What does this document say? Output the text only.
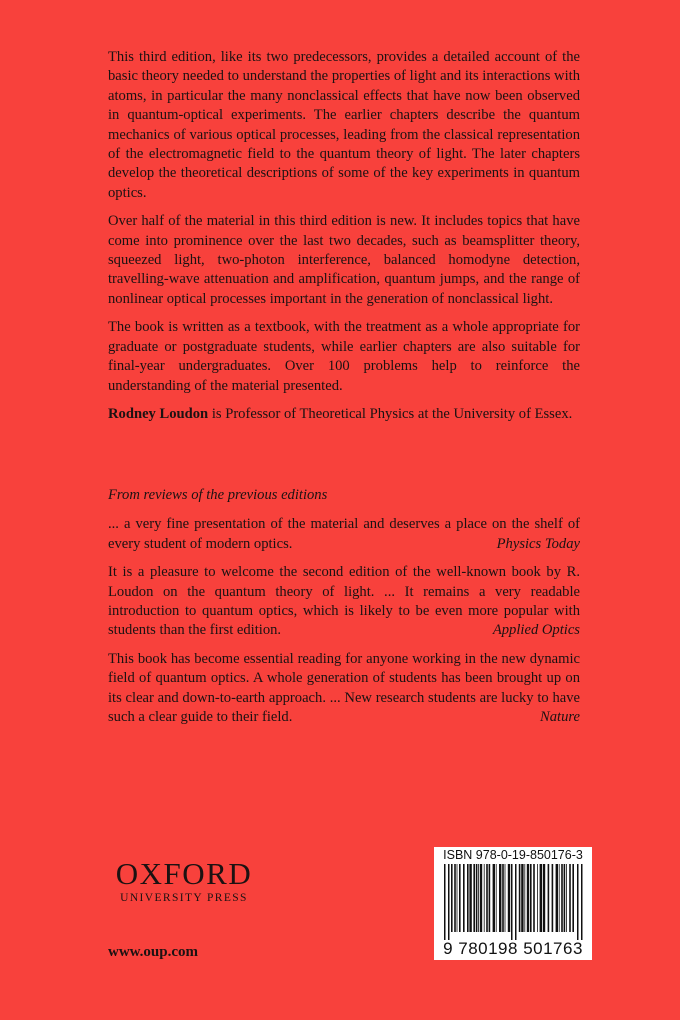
This third edition, like its two predecessors, provides a detailed account of the basic theory needed to understand the properties of light and its interactions with atoms, in particular the many nonclassical effects that have now been observed in quantum-optical experiments. The earlier chapters describe the quantum mechanics of various optical processes, leading from the classical representation of the electromagnetic field to the quantum theory of light. The later chapters develop the theoretical descriptions of some of the key experiments in quantum optics.

Over half of the material in this third edition is new. It includes topics that have come into prominence over the last two decades, such as beamsplitter theory, squeezed light, two-photon interference, balanced homodyne detection, travelling-wave attenuation and amplification, quantum jumps, and the range of nonlinear optical processes important in the generation of nonclassical light.

The book is written as a textbook, with the treatment as a whole appropriate for graduate or postgraduate students, while earlier chapters are also suitable for final-year undergraduates. Over 100 problems help to reinforce the understanding of the material presented.

Rodney Loudon is Professor of Theoretical Physics at the University of Essex.

From reviews of the previous editions
... a very fine presentation of the material and deserves a place on the shelf of every student of modern optics.	Physics Today
It is a pleasure to welcome the second edition of the well-known book by R. Loudon on the quantum theory of light. ... It remains a very readable introduction to quantum optics, which is likely to be even more popular with students than the first edition.	Applied Optics
This book has become essential reading for anyone working in the new dynamic field of quantum optics. A whole generation of students has been brought up on its clear and down-to-earth approach. ... New research students are lucky to have such a clear guide to their field.	Nature
OXFORD
UNIVERSITY PRESS
www.oup.com
ISBN 978-0-19-850176-3
9 780198 501763
